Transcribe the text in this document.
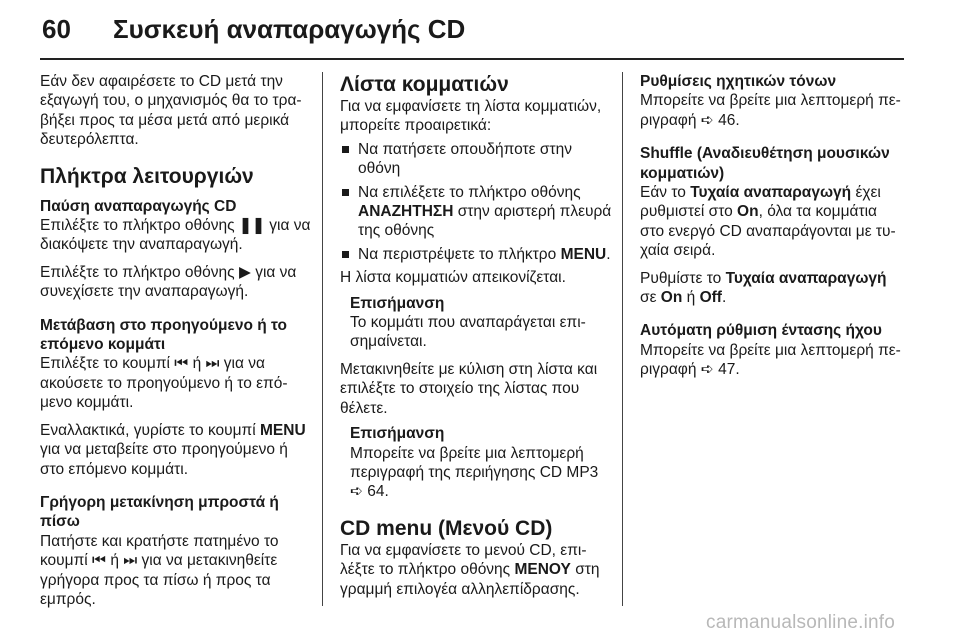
60 Συσκευή αναπαραγωγής CD

Εάν δεν αφαιρέσετε το CD μετά την εξαγωγή του, ο μηχανισμός θα το τραβήξει προς τα μέσα μετά από μερικά δευτερόλεπτα.

Πλήκτρα λειτουργιών

Παύση αναπαραγωγής CD

Επιλέξτε το πλήκτρο οθόνης ❚❚ για να διακόψετε την αναπαραγωγή.

Επιλέξτε το πλήκτρο οθόνης ▶ για να συνεχίσετε την αναπαραγωγή.

Μετάβαση στο προηγούμενο ή το επόμενο κομμάτι

Επιλέξτε το κουμπί ⏮ ή ⏭ για να ακούσετε το προηγούμενο ή το επόμενο κομμάτι.

Εναλλακτικά, γυρίστε το κουμπί MENU για να μεταβείτε στο προηγούμενο ή στο επόμενο κομμάτι.

Γρήγορη μετακίνηση μπροστά ή πίσω

Πατήστε και κρατήστε πατημένο το κουμπί ⏮ ή ⏭ για να μετακινηθείτε γρήγορα προς τα πίσω ή προς τα εμπρός.

Λίστα κομματιών

Για να εμφανίσετε τη λίστα κομματιών, μπορείτε προαιρετικά:

Να πατήσετε οπουδήποτε στην οθόνη
Να επιλέξετε το πλήκτρο οθόνης ΑΝΑΖΗΤΗΣΗ στην αριστερή πλευρά της οθόνης
Να περιστρέψετε το πλήκτρο MENU.

Η λίστα κομματιών απεικονίζεται.

Επισήμανση

Το κομμάτι που αναπαράγεται επισημαίνεται.

Μετακινηθείτε με κύλιση στη λίστα και επιλέξτε το στοιχείο της λίστας που θέλετε.

Επισήμανση

Μπορείτε να βρείτε μια λεπτομερή περιγραφή της περιήγησης CD MP3 ➪ 64.

CD menu (Μενού CD)

Για να εμφανίσετε το μενού CD, επιλέξτε το πλήκτρο οθόνης ΜΕΝΟΥ στη γραμμή επιλογέα αλληλεπίδρασης.

Ρυθμίσεις ηχητικών τόνων

Μπορείτε να βρείτε μια λεπτομερή περιγραφή ➪ 46.

Shuffle (Αναδιευθέτηση μουσικών κομματιών)

Εάν το Τυχαία αναπαραγωγή έχει ρυθμιστεί στο On, όλα τα κομμάτια στο ενεργό CD αναπαράγονται με τυχαία σειρά.

Ρυθμίστε το Τυχαία αναπαραγωγή σε On ή Off.

Αυτόματη ρύθμιση έντασης ήχου

Μπορείτε να βρείτε μια λεπτομερή περιγραφή ➪ 47.

carmanualsonline.info
